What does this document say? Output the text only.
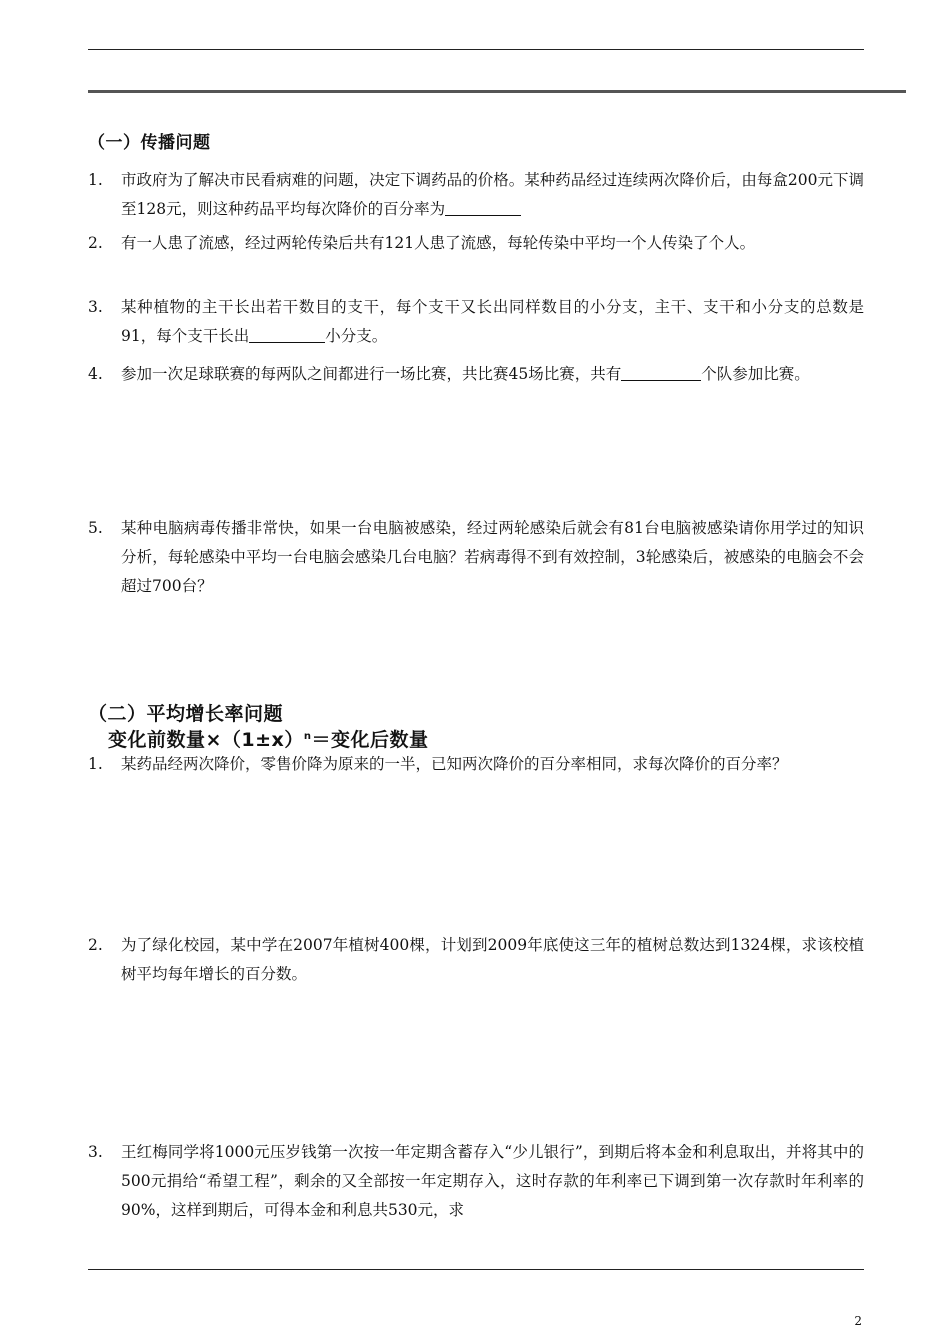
（一）传播问题
1.	市政府为了解决市民看病难的问题，决定下调药品的价格。某种药品经过连续两次降价后，由每盒200元下调至128元，则这种药品平均每次降价的百分率为
2.	有一人患了流感，经过两轮传染后共有121人患了流感，每轮传染中平均一个人传染了个人。
3.	某种植物的主干长出若干数目的支干，每个支干又长出同样数目的小分支，主干、支干和小分支的总数是91，每个支干长出	小分支。
4.	参加一次足球联赛的每两队之间都进行一场比赛，共比赛45场比赛，共有	个队参加比赛。
5.	某种电脑病毒传播非常快，如果一台电脑被感染，经过两轮感染后就会有81台电脑被感染请你用学过的知识分析，每轮感染中平均一台电脑会感染几台电脑？若病毒得不到有效控制，3轮感染后，被感染的电脑会不会超过700台？
（二）平均增长率问题
变化前数量$\times(1\pm x)^n=$变化后数量
1.	某药品经两次降价，零售价降为原来的一半，已知两次降价的百分率相同，求每次降价的百分率？
2.	为了绿化校园，某中学在2007年植树400棵，计划到2009年底使这三年的植树总数达到1324棵，求该校植树平均每年增长的百分数。
3.	王红梅同学将1000元压岁钱第一次按一年定期含蓄存入“少儿银行”，到期后将本金和利息取出，并将其中的500元捐给“希望工程”，剩余的又全部按一年定期存入，这时存款的年利率已下调到第一次存款时年利率的90%，这样到期后，可得本金和利息共530元，求
2
